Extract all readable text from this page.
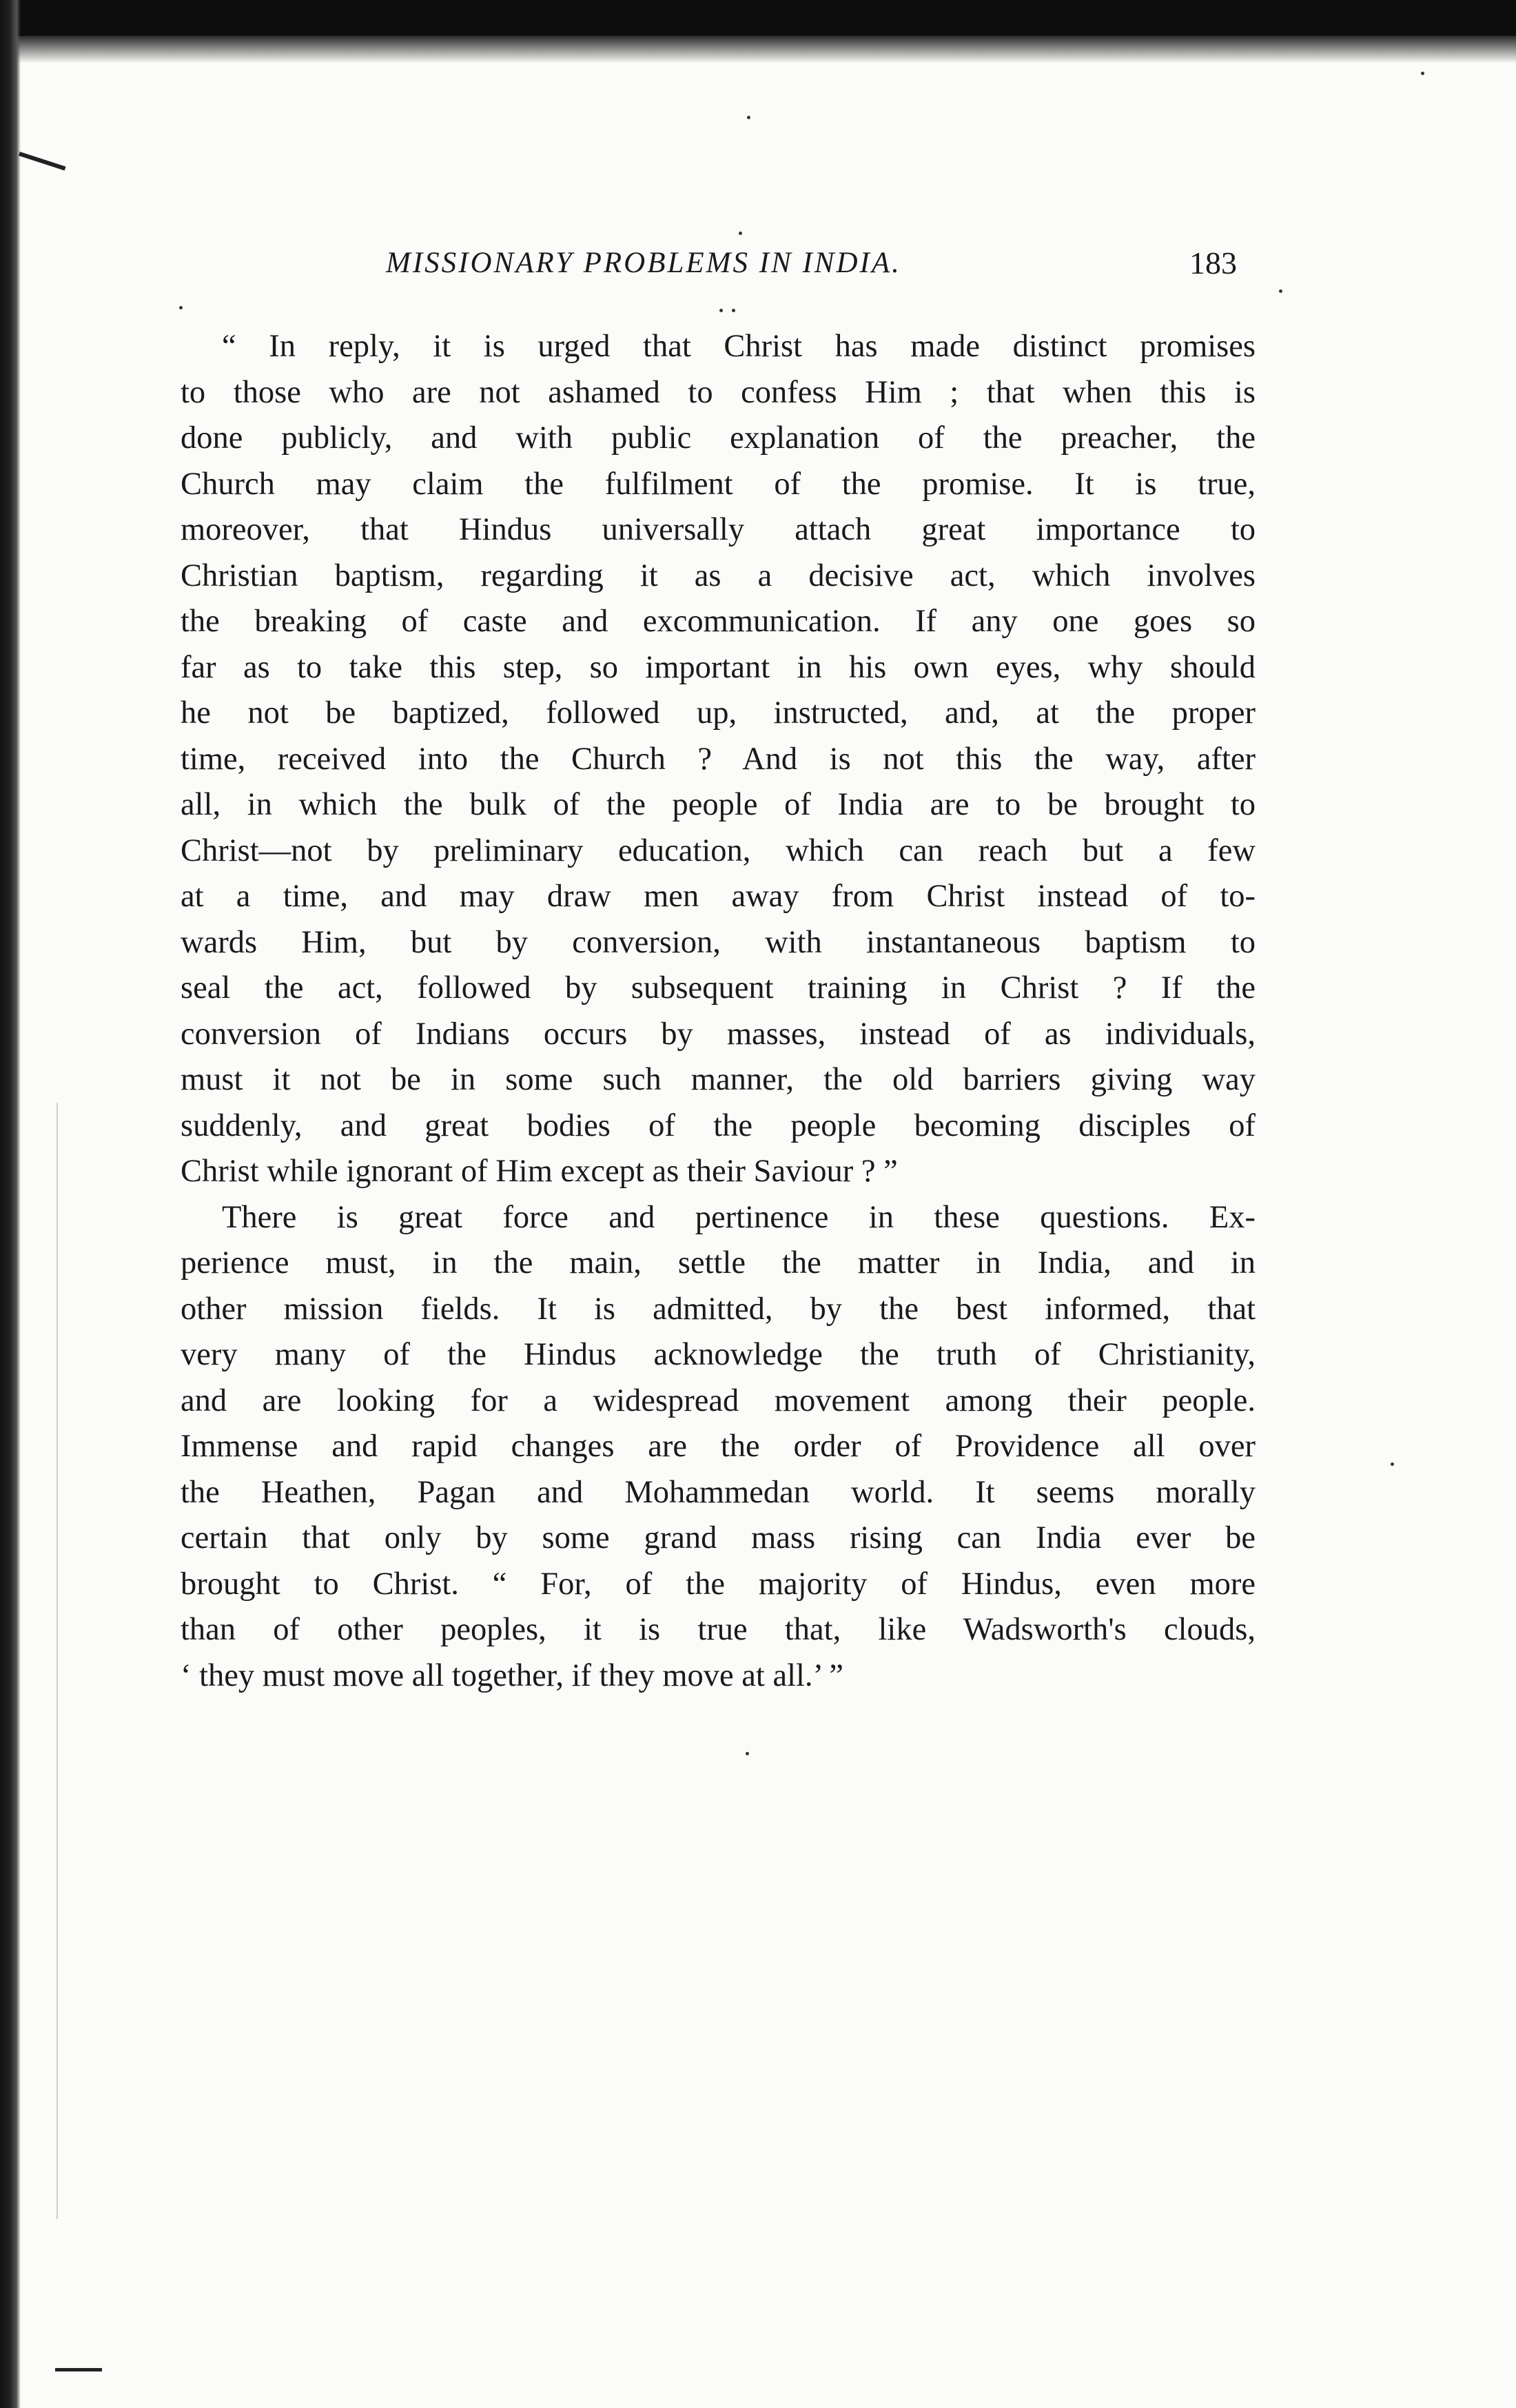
MISSIONARY PROBLEMS IN INDIA.	183

“ In reply, it is urged that Christ has made distinct promises
to those who are not ashamed to confess Him ; that when this is
done publicly, and with public explanation of the preacher, the
Church may claim the fulfilment of the promise. It is true,
moreover, that Hindus universally attach great importance to
Christian baptism, regarding it as a decisive act, which involves
the breaking of caste and excommunication. If any one goes so
far as to take this step, so important in his own eyes, why should
he not be baptized, followed up, instructed, and, at the proper
time, received into the Church ? And is not this the way, after
all, in which the bulk of the people of India are to be brought to
Christ—not by preliminary education, which can reach but a few
at a time, and may draw men away from Christ instead of to-
wards Him, but by conversion, with instantaneous baptism to
seal the act, followed by subsequent training in Christ ? If the
conversion of Indians occurs by masses, instead of as individuals,
must it not be in some such manner, the old barriers giving way
suddenly, and great bodies of the people becoming disciples of
Christ while ignorant of Him except as their Saviour ? ”

There is great force and pertinence in these questions. Ex-
perience must, in the main, settle the matter in India, and in
other mission fields. It is admitted, by the best informed, that
very many of the Hindus acknowledge the truth of Christianity,
and are looking for a widespread movement among their people.
Immense and rapid changes are the order of Providence all over
the Heathen, Pagan and Mohammedan world. It seems morally
certain that only by some grand mass rising can India ever be
brought to Christ. “ For, of the majority of Hindus, even more
than of other peoples, it is true that, like Wadsworth's clouds,
‘ they must move all together, if they move at all.’ ”
